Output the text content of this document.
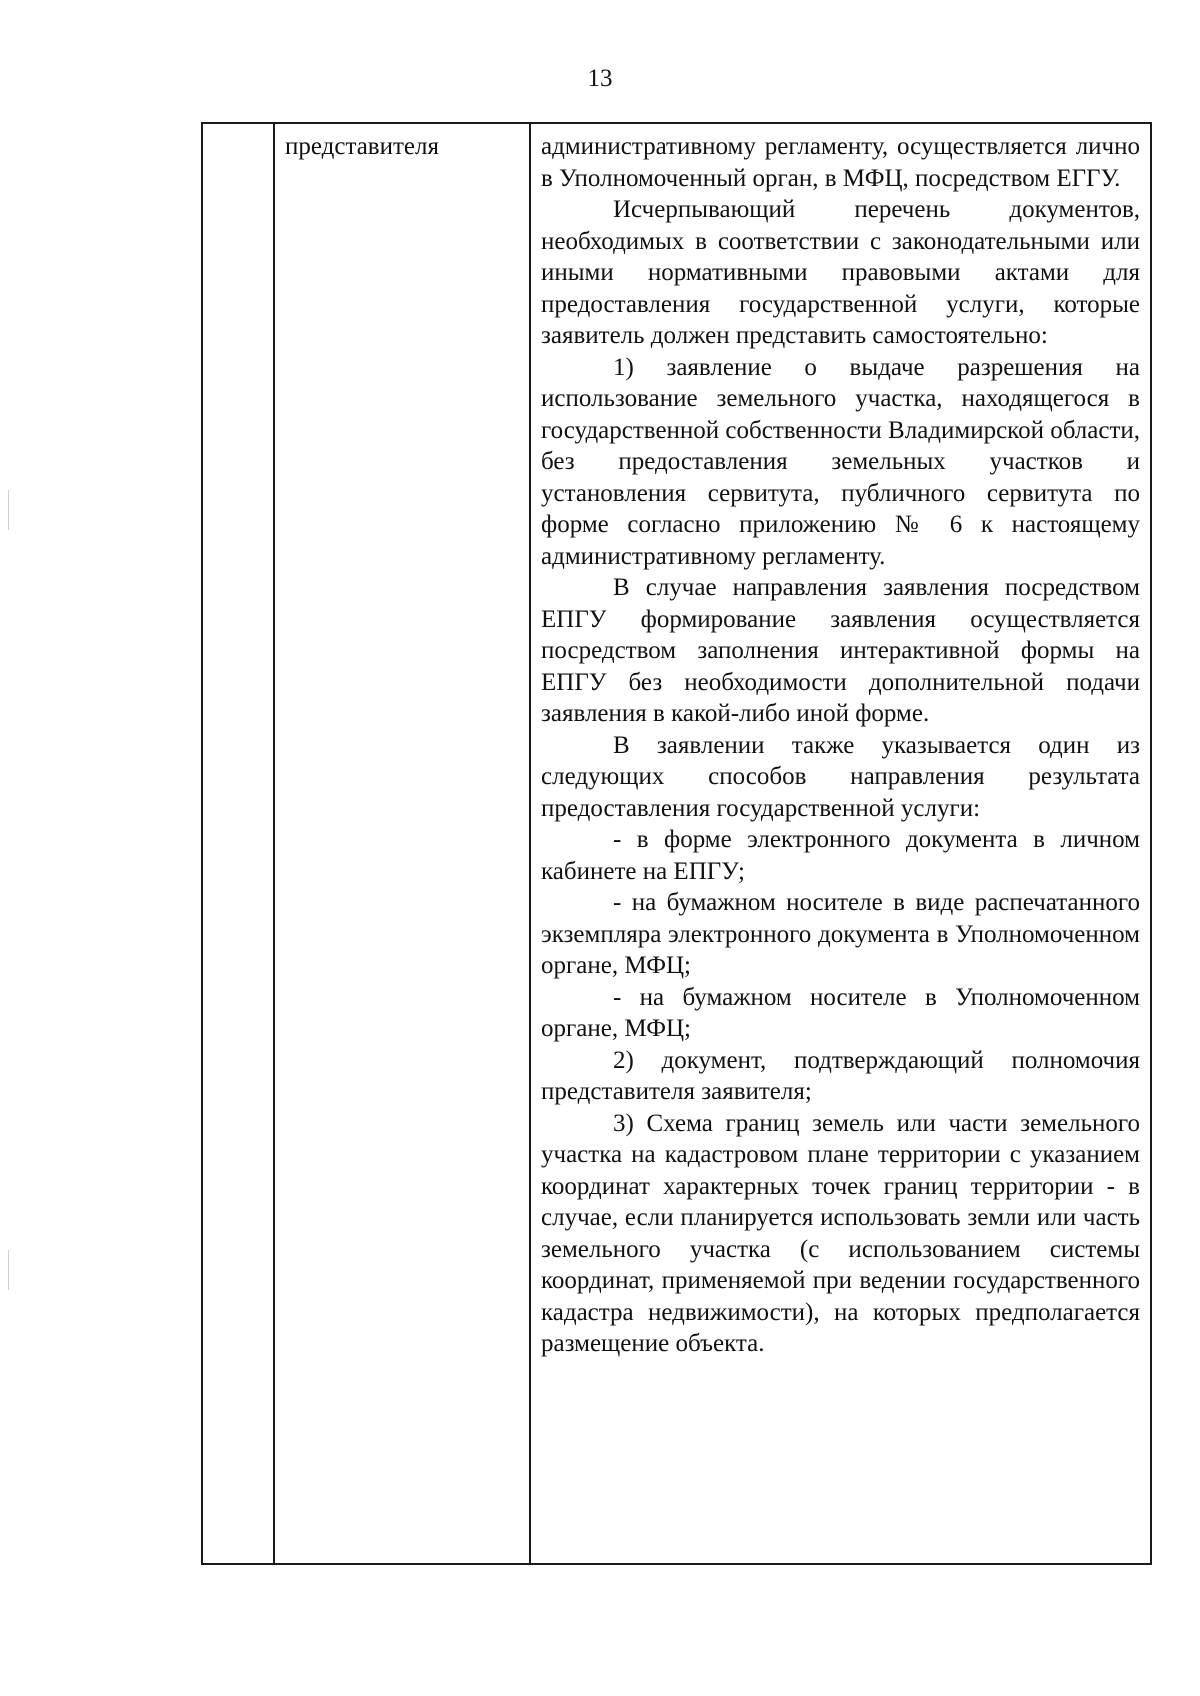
13
	представителя	административному регламенту, осуществляется лично в Уполномоченный орган, в МФЦ, посредством ЕГГУ.

Исчерпывающий перечень документов, необходимых в соответствии с законодательными или иными нормативными правовыми актами для предоставления государственной услуги, которые заявитель должен представить самостоятельно:

1) заявление о выдаче разрешения на использование земельного участка, находящегося в государственной собственности Владимирской области, без предоставления земельных участков и установления сервитута, публичного сервитута по форме согласно приложению № 6 к настоящему административному регламенту.

В случае направления заявления посредством ЕПГУ формирование заявления осуществляется посредством заполнения интерактивной формы на ЕПГУ без необходимости дополнительной подачи заявления в какой-либо иной форме.

В заявлении также указывается один из следующих способов направления результата предоставления государственной услуги:

- в форме электронного документа в личном кабинете на ЕПГУ;

- на бумажном носителе в виде распечатанного экземпляра электронного документа в Уполномоченном органе, МФЦ;

- на бумажном носителе в Уполномоченном органе, МФЦ;

2) документ, подтверждающий полномочия представителя заявителя;

3) Схема границ земель или части земельного участка на кадастровом плане территории с указанием координат характерных точек границ территории - в случае, если планируется использовать земли или часть земельного участка (с использованием системы координат, применяемой при ведении государственного кадастра недвижимости), на которых предполагается размещение объекта.
